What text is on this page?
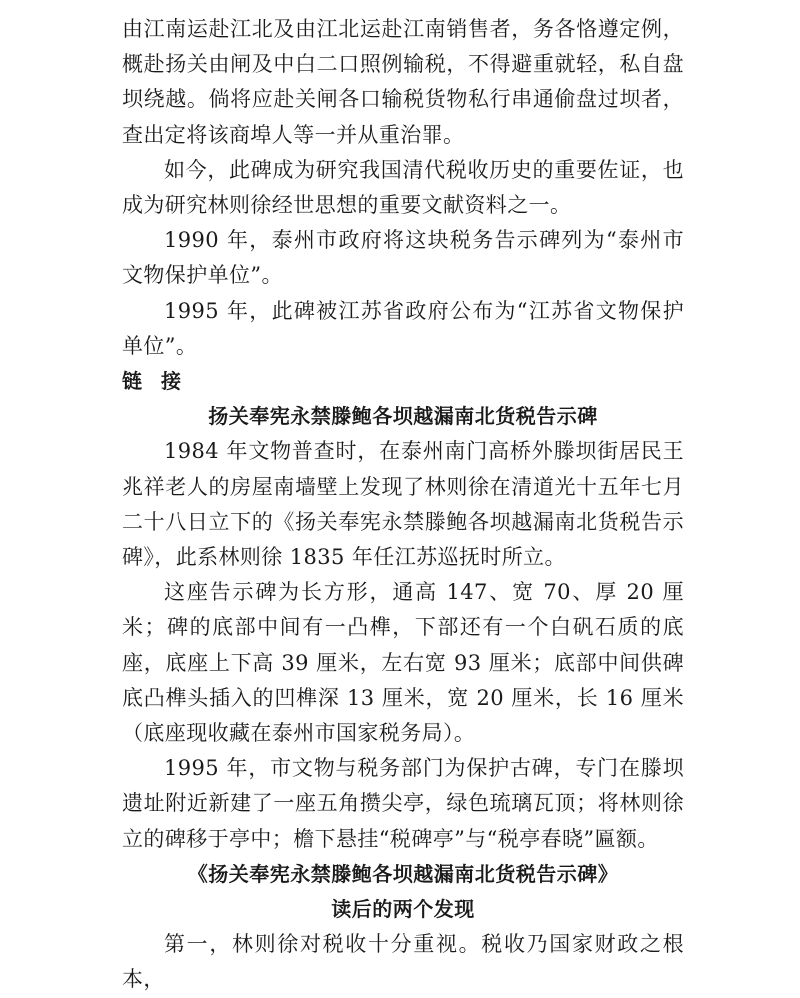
由江南运赴江北及由江北运赴江南销售者，务各恪遵定例，概赴扬关由闸及中白二口照例输税，不得避重就轻，私自盘坝绕越。倘将应赴关闸各口输税货物私行串通偷盘过坝者，查出定将该商埠人等一并从重治罪。

如今，此碑成为研究我国清代税收历史的重要佐证，也成为研究林则徐经世思想的重要文献资料之一。

1990 年，泰州市政府将这块税务告示碑列为“泰州市文物保护单位”。

1995 年，此碑被江苏省政府公布为“江苏省文物保护单位”。

链 接

扬关奉宪永禁滕鲍各坝越漏南北货税告示碑

1984 年文物普查时，在泰州南门高桥外滕坝街居民王兆祥老人的房屋南墙壁上发现了林则徐在清道光十五年七月二十八日立下的《扬关奉宪永禁滕鲍各坝越漏南北货税告示碑》，此系林则徐 1835 年任江苏巡抚时所立。

这座告示碑为长方形，通高 147、宽 70、厚 20 厘米；碑的底部中间有一凸榫，下部还有一个白矾石质的底座，底座上下高 39 厘米，左右宽 93 厘米；底部中间供碑底凸榫头插入的凹榫深 13 厘米，宽 20 厘米，长 16 厘米（底座现收藏在泰州市国家税务局）。

1995 年，市文物与税务部门为保护古碑，专门在滕坝遗址附近新建了一座五角攒尖亭，绿色琉璃瓦顶；将林则徐立的碑移于亭中；檐下悬挂“税碑亭”与“税亭春晓”匾额。

《扬关奉宪永禁滕鲍各坝越漏南北货税告示碑》

读后的两个发现

第一，林则徐对税收十分重视。税收乃国家财政之根本，
